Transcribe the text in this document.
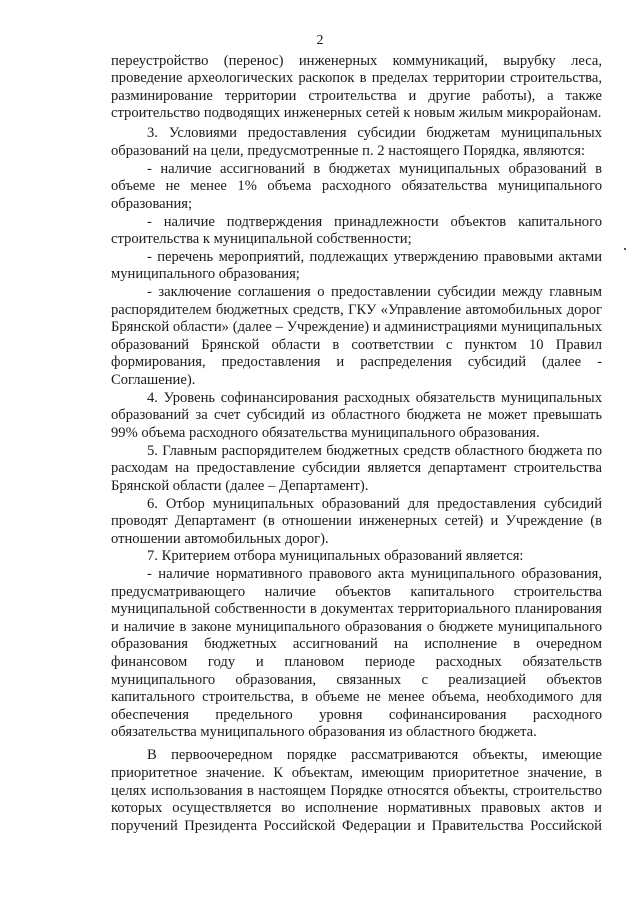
2
переустройство (перенос) инженерных коммуникаций, вырубку леса,
проведение археологических раскопок в пределах территории строительства,
разминирование территории строительства и другие работы), а также
строительство подводящих инженерных сетей к новым жилым микрорайонам.
3. Условиями предоставления субсидии бюджетам муниципальных
образований на цели, предусмотренные п. 2 настоящего Порядка, являются:
- наличие ассигнований в бюджетах муниципальных образований в
объеме не менее 1% объема расходного обязательства муниципального
образования;
- наличие подтверждения принадлежности объектов капитального
строительства к муниципальной собственности;
- перечень мероприятий, подлежащих утверждению правовыми актами
муниципального образования;
- заключение соглашения о предоставлении субсидии между главным
распорядителем бюджетных средств, ГКУ «Управление автомобильных дорог
Брянской области» (далее – Учреждение) и администрациями муниципальных
образований Брянской области в соответствии с пунктом 10 Правил
формирования, предоставления и распределения субсидий (далее -
Соглашение).
4. Уровень софинансирования расходных обязательств муниципальных
образований за счет субсидий из областного бюджета не может превышать
99% объема расходного обязательства муниципального образования.
5. Главным распорядителем бюджетных средств областного бюджета по
расходам на предоставление субсидии является департамент строительства
Брянской области (далее – Департамент).
6. Отбор муниципальных образований для предоставления субсидий
проводят Департамент (в отношении инженерных сетей) и Учреждение (в
отношении автомобильных дорог).
7. Критерием отбора муниципальных образований является:
- наличие нормативного правового акта муниципального образования,
предусматривающего наличие объектов капитального строительства
муниципальной собственности в документах территориального планирования
и наличие в законе муниципального образования о бюджете муниципального
образования бюджетных ассигнований на исполнение в очередном
финансовом году и плановом периоде расходных обязательств
муниципального образования, связанных с реализацией объектов
капитального строительства, в объеме не менее объема, необходимого для
обеспечения предельного уровня софинансирования расходного
обязательства муниципального образования из областного бюджета.
В первоочередном порядке рассматриваются объекты, имеющие
приоритетное значение. К объектам, имеющим приоритетное значение, в
целях использования в настоящем Порядке относятся объекты, строительство
которых осуществляется во исполнение нормативных правовых актов и
поручений Президента Российской Федерации и Правительства Российской
